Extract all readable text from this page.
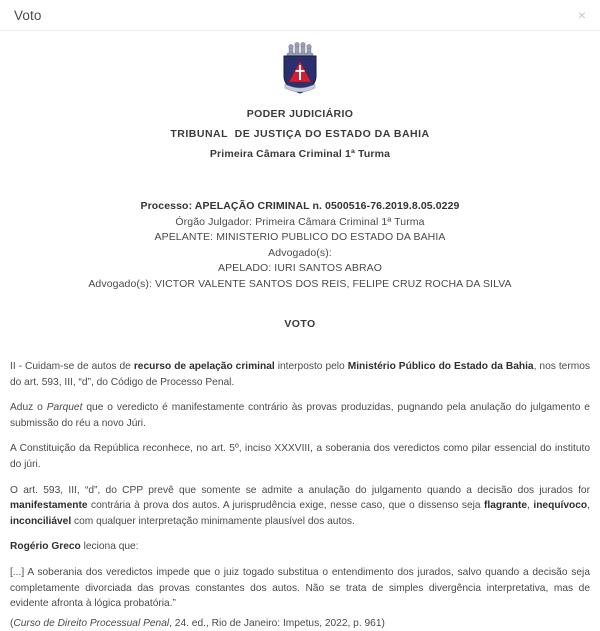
Voto	×
PODER JUDICIÁRIO
TRIBUNAL  DE JUSTIÇA DO ESTADO DA BAHIA
Primeira Câmara Criminal 1ª Turma
Processo: APELAÇÃO CRIMINAL n. 0500516-76.2019.8.05.0229
Órgão Julgador: Primeira Câmara Criminal 1ª Turma
APELANTE: MINISTERIO PUBLICO DO ESTADO DA BAHIA
Advogado(s):
APELADO: IURI SANTOS ABRAO
Advogado(s): VICTOR VALENTE SANTOS DOS REIS, FELIPE CRUZ ROCHA DA SILVA
VOTO

II - Cuidam-se de autos de recurso de apelação criminal interposto pelo Ministério Público do Estado da Bahia, nos termos do art. 593, III, “d”, do Código de Processo Penal.

Aduz o Parquet que o veredicto é manifestamente contrário às provas produzidas, pugnando pela anulação do julgamento e submissão do réu a novo Júri.

A Constituição da República reconhece, no art. 5º, inciso XXXVIII, a soberania dos veredictos como pilar essencial do instituto do júri.

O art. 593, III, “d”, do CPP prevê que somente se admite a anulação do julgamento quando a decisão dos jurados for manifestamente contrária à prova dos autos. A jurisprudência exige, nesse caso, que o dissenso seja flagrante, inequívoco, inconciliável com qualquer interpretação minimamente plausível dos autos.

Rogério Greco leciona que:

[...] A soberania dos veredictos impede que o juiz togado substitua o entendimento dos jurados, salvo quando a decisão seja completamente divorciada das provas constantes dos autos. Não se trata de simples divergência interpretativa, mas de evidente afronta à lógica probatória.”

(Curso de Direito Processual Penal, 24. ed., Rio de Janeiro: Impetus, 2022, p. 961)
